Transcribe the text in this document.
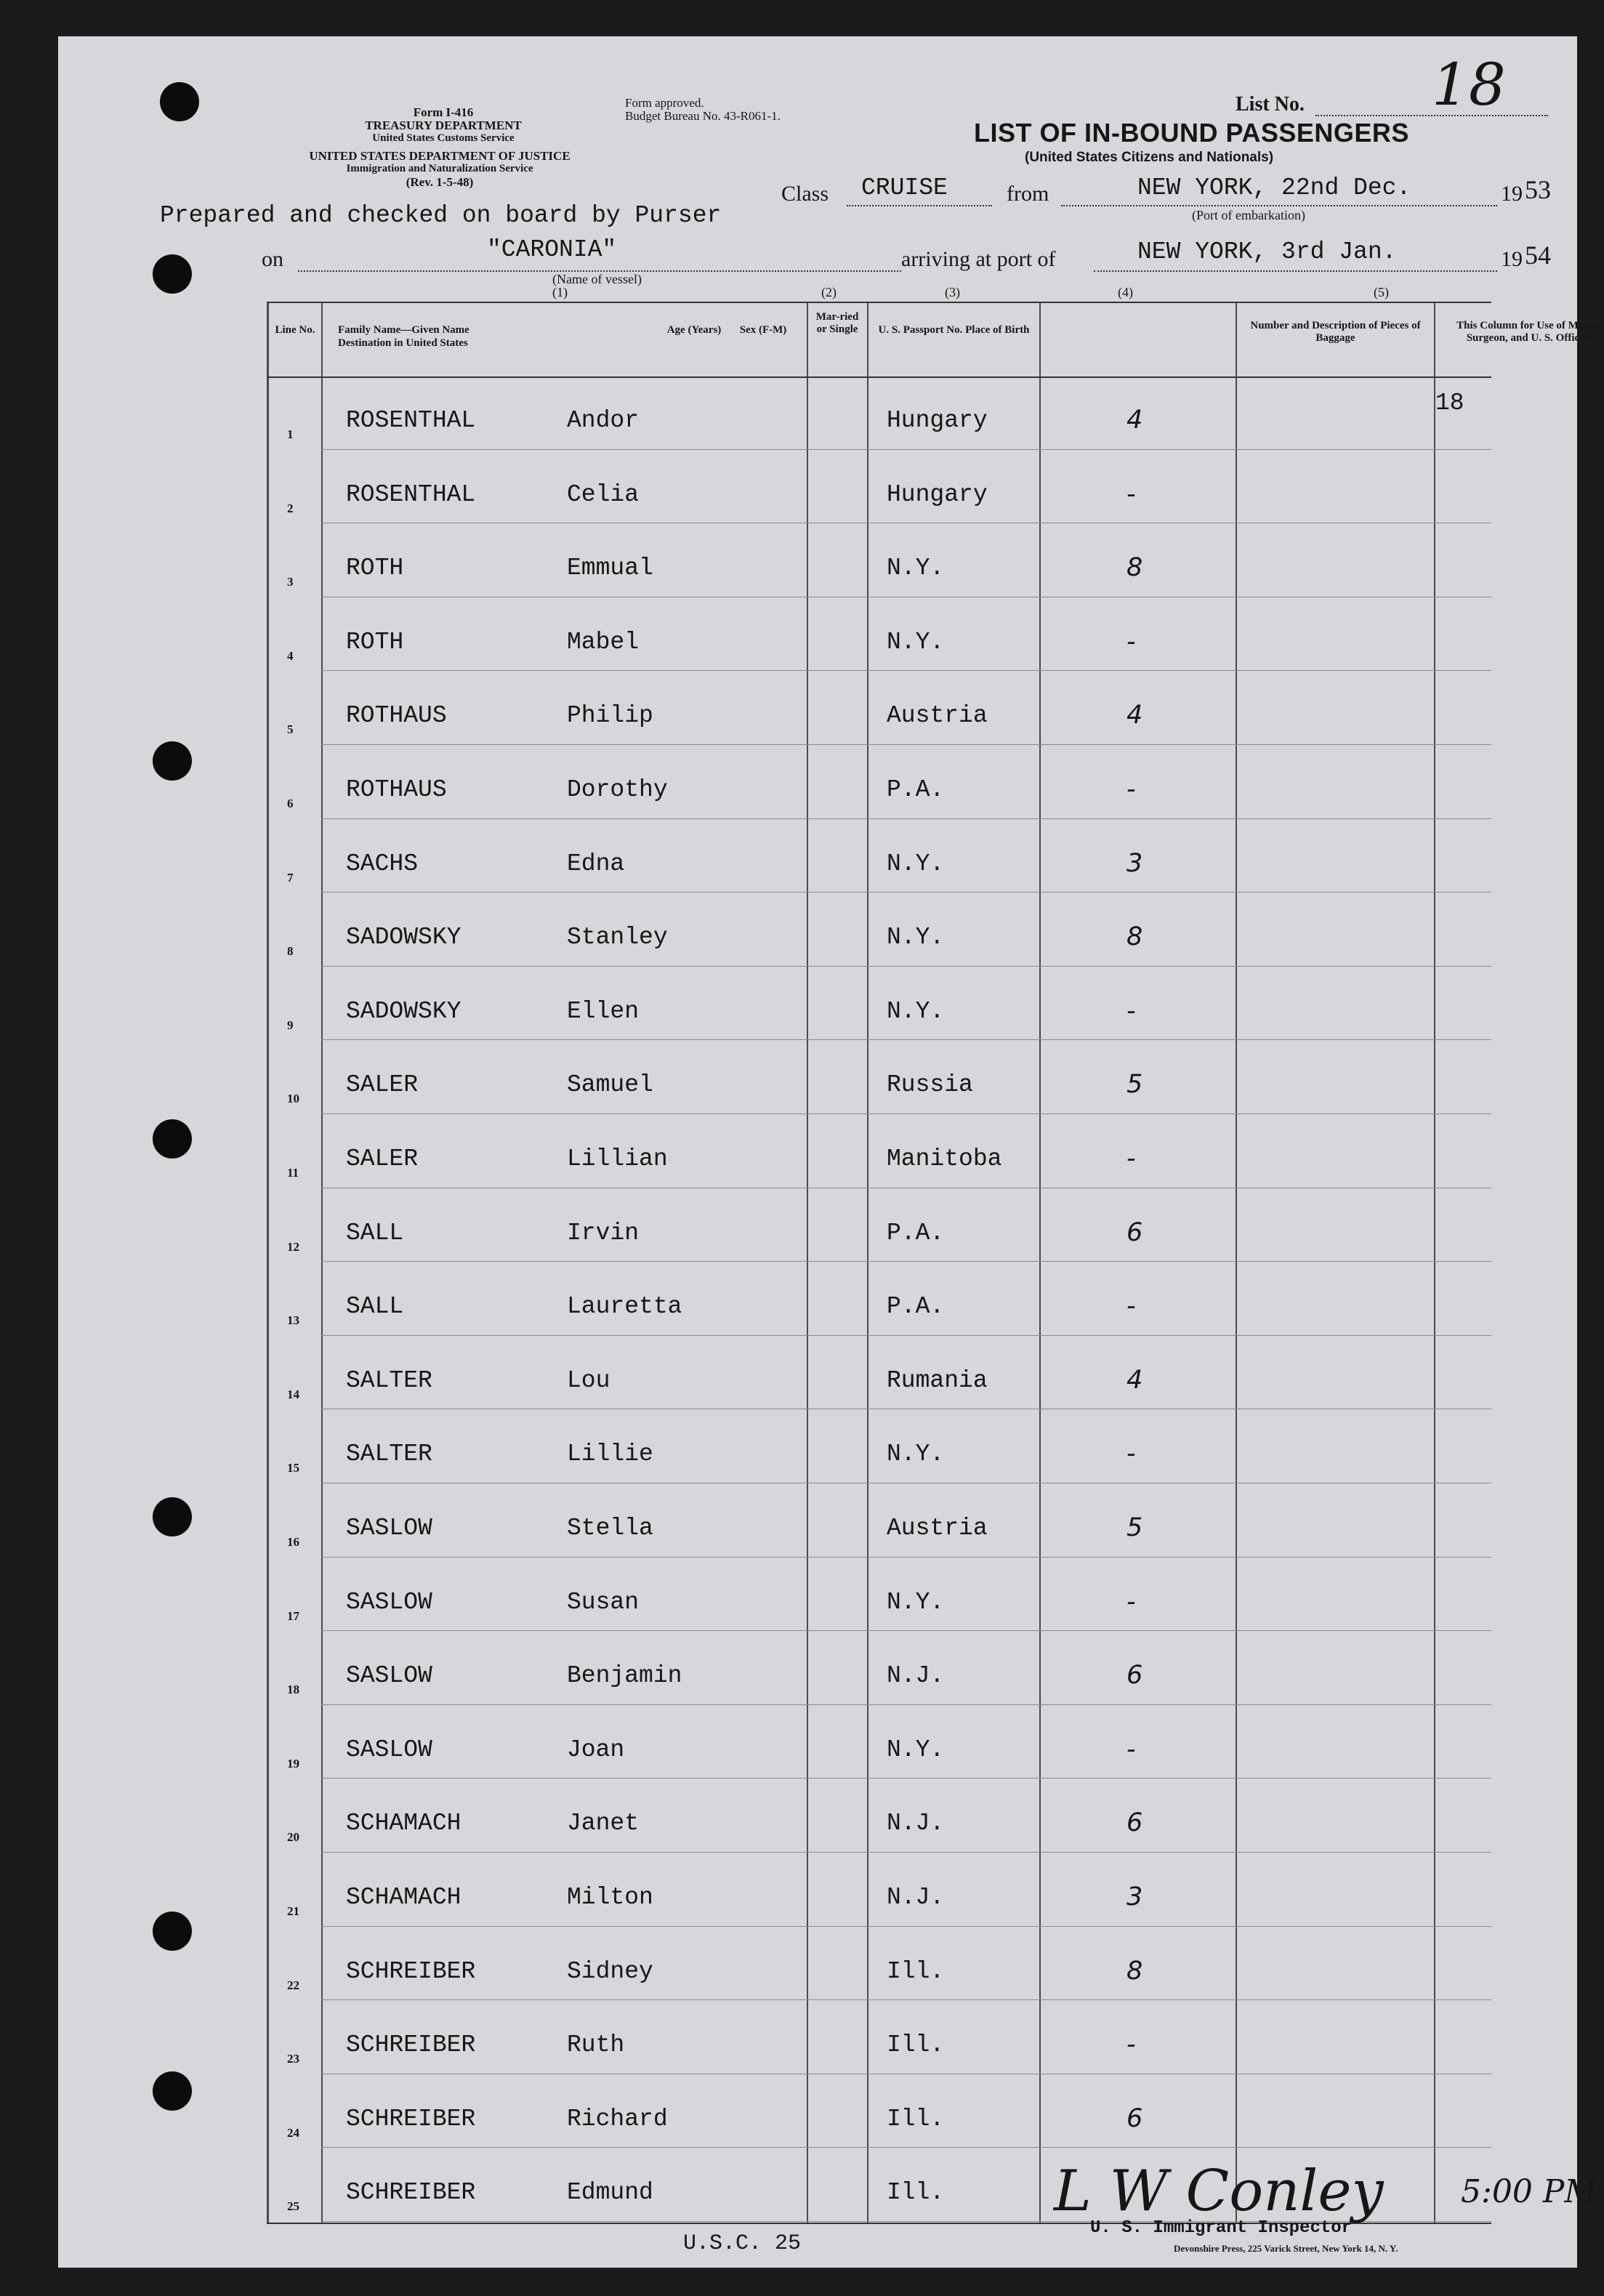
Form I-416
TREASURY DEPARTMENT
United States Customs Service
UNITED STATES DEPARTMENT OF JUSTICE
Immigration and Naturalization Service
(Rev. 1-5-48)
Form approved.
Budget Bureau No. 43-R061-1.
List No. 18
LIST OF IN-BOUND PASSENGERS
(United States Citizens and Nationals)
Class CRUISE	from	NEW YORK, 22nd Dec.	19 53
(Port of embarkation)
Prepared and checked on board by Purser
on	"CARONIA"
(Name of vessel)
arriving at port of	NEW YORK, 3rd Jan.	19 54
(1)	(2)	(3)	(4)	(5)
Line No.	Family Name—Given Name
Destination in United States
Age (Years)	Sex (F-M)
Mar-ried or Single	U. S. Passport No. Place of Birth	Number and Description of Pieces of Baggage
This Column for Use of Master, Surgeon, and U. S. Officers
1
ROSENTHAL	Andor	Hungary	4
18
2
ROSENTHAL	Celia	Hungary	-
3
ROTH	Emmual	N.Y.	8
4
ROTH	Mabel	N.Y.	-
5
ROTHAUS	Philip	Austria	4
6
ROTHAUS	Dorothy	P.A.	-
7
SACHS	Edna	N.Y.	3
8
SADOWSKY	Stanley	N.Y.	8
9
SADOWSKY	Ellen	N.Y.	-
10
SALER	Samuel	Russia	5
11
SALER	Lillian	Manitoba	-
12
SALL	Irvin	P.A.	6
13
SALL	Lauretta	P.A.	-
14
SALTER	Lou	Rumania	4
15
SALTER	Lillie	N.Y.	-
16
SASLOW	Stella	Austria	5
17
SASLOW	Susan	N.Y.	-
18
SASLOW	Benjamin	N.J.	6
19
SASLOW	Joan	N.Y.	-
20
SCHAMACH	Janet	N.J.	6
21
SCHAMACH	Milton	N.J.	3
22
SCHREIBER	Sidney	Ill.	8
23
SCHREIBER	Ruth	Ill.	-
24
SCHREIBER	Richard	Ill.	6
25
SCHREIBER	Edmund	Ill.
U.S.C. 25
L W Conley 5:00 PM
U. S. Immigrant Inspector
Devonshire Press, 225 Varick Street, New York 14, N. Y.
